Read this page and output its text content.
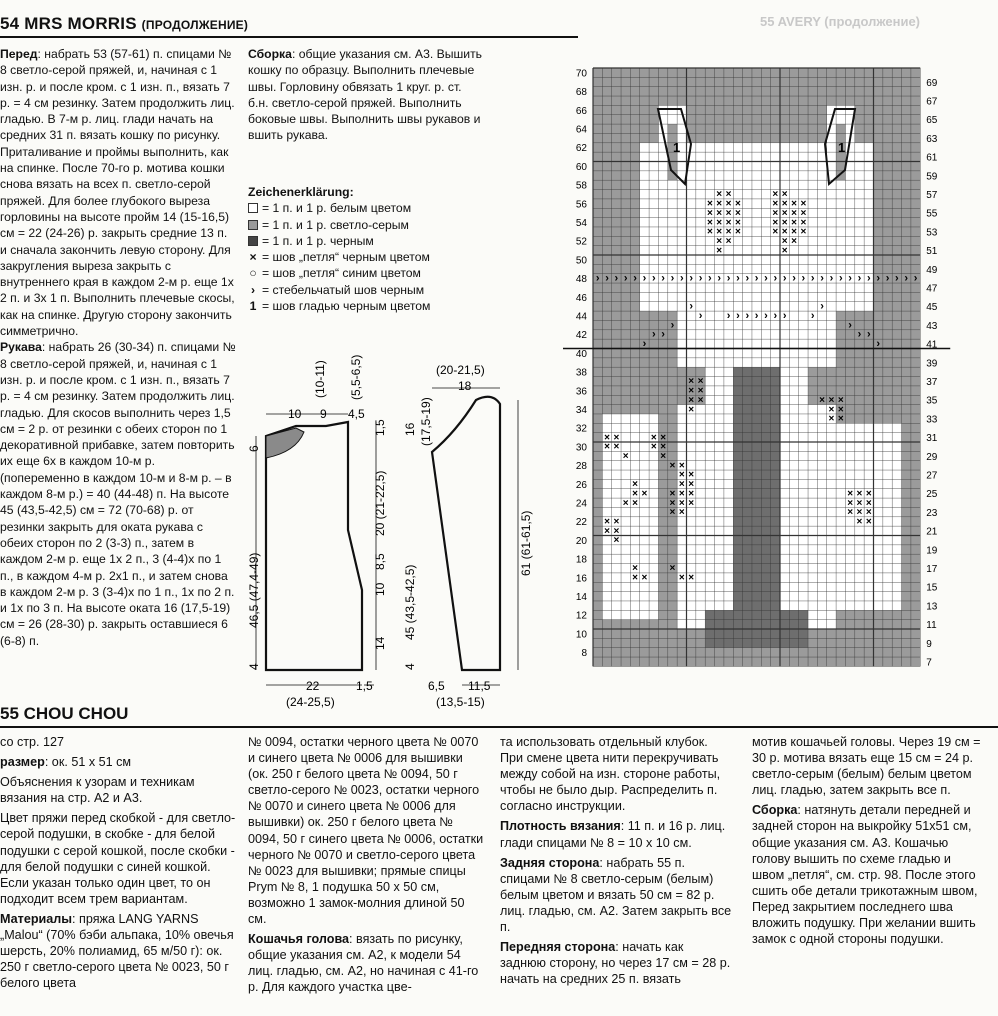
54 MRS MORRIS (ПРОДОЛЖЕНИЕ)	55 AVERY (продолжение)

Перед: набрать 53 (57-61) п. спицами № 8 светло-серой пряжей, и, начиная с 1 изн. р. и после кром. с 1 изн. п., вязать 7 р. = 4 см резинку. Затем продолжить лиц. гладью. В 7-м р. лиц. глади начать на средних 31 п. вязать кошку по рисунку. Приталивание и проймы выполнить, как на спинке. После 70-го р. мотива кошки снова вязать на всех п. светло-серой пряжей. Для более глубокого выреза горловины на высоте пройм 14 (15-16,5) см = 22 (24-26) р. закрыть средние 13 п. и сначала закончить левую сторону. Для закругления выреза закрыть с внутреннего края в каждом 2-м р. еще 1х 2 п. и 3х 1 п. Выполнить плечевые скосы, как на спинке. Другую сторону закончить симметрично.

Рукава: набрать 26 (30-34) п. спицами № 8 светло-серой пряжей, и, начиная с 1 изн. р. и после кром. с 1 изн. п., вязать 7 р. = 4 см резинку. Затем продолжить лиц. гладью. Для скосов выполнить через 1,5 см = 2 р. от резинки с обеих сторон по 1 декоративной прибавке, затем повторить их еще 6х в каждом 10-м р. (попеременно в каждом 10-м и 8-м р. – в каждом 8-м р.) = 40 (44-48) п. На высоте 45 (43,5-42,5) см = 72 (70-68) р. от резинки закрыть для оката рукава с обеих сторон по 2 (3-3) п., затем в каждом 2-м р. еще 1х 2 п., 3 (4-4)х по 1 п., в каждом 4-м р. 2х1 п., и затем снова в каждом 2-м р. 3 (3-4)х по 1 п., 1х по 2 п. и 1х по 3 п. На высоте оката 16 (17,5-19) см = 26 (28-30) р. закрыть оставшиеся 6 (6-8) п.

Сборка: общие указания см. А3. Вышить кошку по образцу. Выполнить плечевые швы. Горловину обвязать 1 круг. р. ст. б.н. светло-серой пряжей. Выполнить боковые швы. Выполнить швы рукавов и вшить рукава.

Zeichenerklärung:
= 1 п. и 1 р. белым цветом
= 1 п. и 1 р. светло-серым
= 1 п. и 1 р. черным
× = шов „петля“ черным цветом
○ = шов „петля“ синим цветом
› = стебельчатый шов черным
1 = шов гладью черным цветом
10 9 4,5
(10-11) (5,5-6,5)
6
1,5
46,5 (47,4-49)
4
14
10
8,5
20 (21-22,5)
22	1,5
(24-25,5)
(20-21,5)
18
16 (17,5-19)
45 (43,5-42,5)
4
61 (61-61,5)
6,5 11,5
(13,5-15)
× ×
× × × ×
× × × ×
× × × ×
× × × ×
× ×
×
× ×
× × × ×
× × × ×
× × × ×
× × × ×
× ×
×
× ×
× ×
× ×
×
× ×
× ×
×
× ×
× ×
×
× ×
× ×
× ×
× × ×
× × ×
× ×
×
× ×
× ×
× ×
× ×
×
× × ×
× ×
× ×
× × ×
× × ×
× × ×
× ×
×
× ×
×
× ×
› › › › › › › › › › › › › › › › › › › › › › › › › › › › › › › › › › ›
›
›
›
›
›
› ›
›
›
›
›
›
› › › › › › ›
70
68
66
64
62
60
58
56
54
52
50
48
46
44
42
40
38
36
34
32
30
28
26
24
22
20
18
16
14
12
10
8
69
67
65
63
61
59
57
55
53
51
49
47
45
43
41
39
37
35
33
31
29
27
25
23
21
19
17
15
13
11
9
7
1	1
55 CHOU CHOU

со стр. 127

размер: ок. 51 х 51 см

Объяснения к узорам и техникам вязания на стр. А2 и А3.

Цвет пряжи перед скобкой - для светло-серой подушки, в скобке - для белой подушки с серой кошкой, после скобки - для белой подушки с синей кошкой. Если указан только один цвет, то он подходит всем трем вариантам.

Материалы: пряжа LANG YARNS „Malou“ (70% бэби альпака, 10% овечья шерсть, 20% полиамид, 65 м/50 г): ок. 250 г светло-серого цвета № 0023, 50 г белого цвета

№ 0094, остатки черного цвета № 0070 и синего цвета № 0006 для вышивки (ок. 250 г белого цвета № 0094, 50 г светло-серого № 0023, остатки черного № 0070 и синего цвета № 0006 для вышивки) ок. 250 г белого цвета № 0094, 50 г синего цвета № 0006, остатки черного № 0070 и светло-серого цвета № 0023 для вышивки; прямые спицы Prym № 8, 1 подушка 50 х 50 см, возможно 1 замок-молния длиной 50 см.

Кошачья голова: вязать по рисунку, общие указания см. А2, к модели 54 лиц. гладью, см. А2, но начиная с 41-го р. Для каждого участка цве-

та использовать отдельный клубок. При смене цвета нити перекручивать между собой на изн. стороне работы, чтобы не было дыр. Распределить п. согласно инструкции.

Плотность вязания: 11 п. и 16 р. лиц. глади спицами № 8 = 10 х 10 см.

Задняя сторона: набрать 55 п. спицами № 8 светло-серым (белым) белым цветом и вязать 50 см = 82 р. лиц. гладью, см. А2. Затем закрыть все п.

Передняя сторона: начать как заднюю сторону, но через 17 см = 28 р. начать на средних 25 п. вязать

мотив кошачьей головы. Через 19 см = 30 р. мотива вязать еще 15 см = 24 р. светло-серым (белым) белым цветом лиц. гладью, затем закрыть все п.

Сборка: натянуть детали передней и задней сторон на выкройку 51х51 см, общие указания см. А3. Кошачью голову вышить по схеме гладью и швом „петля“, см. стр. 98. После этого сшить обе детали трикотажным швом, Перед закрытием последнего шва вложить подушку. При желании вшить замок с одной стороны подушки.
